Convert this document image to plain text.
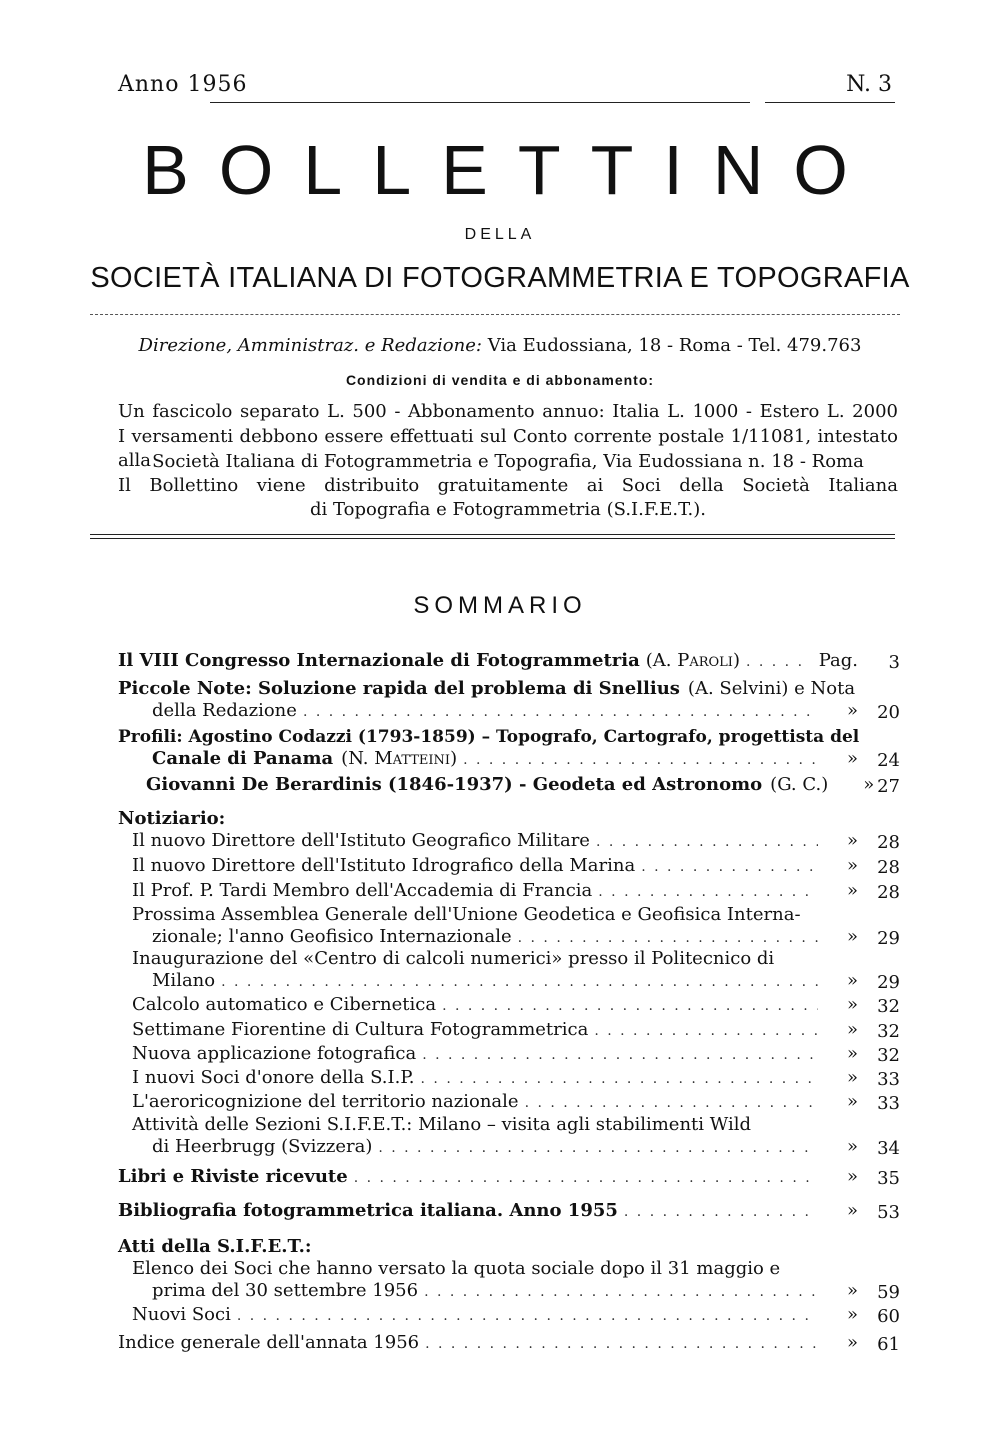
Anno 1956	N. 3
BOLLETTINO
DELLA
SOCIETÀ ITALIANA DI FOTOGRAMMETRIA E TOPOGRAFIA
Direzione, Amministraz. e Redazione: Via Eudossiana, 18 - Roma - Tel. 479.763
Condizioni di vendita e di abbonamento:
Un fascicolo separato L. 500 - Abbonamento annuo: Italia L. 1000 - Estero L. 2000
I versamenti debbono essere effettuati sul Conto corrente postale 1/11081, intestato alla Società Italiana di Fotogrammetria e Topografia, Via Eudossiana n. 18 - Roma
Il Bollettino viene distribuito gratuitamente ai Soci della Società Italiana
di Topografia e Fotogrammetria (S.I.F.E.T.).
SOMMARIO
Il VIII Congresso Internazionale di Fotogrammetria (A. Paroli) . . .	Pag.	3
Piccole Note: Soluzione rapida del problema di Snellius (A. Selvini) e Nota
della Redazione . . .	»	20
Profili: Agostino Codazzi (1793-1859) – Topografo, Cartografo, progettista del
Canale di Panama (N. Matteini) . . .	»	24
Giovanni De Berardinis (1846-1937) - Geodeta ed Astronomo (G. C.)	» 27
Notiziario:
Il nuovo Direttore dell'Istituto Geografico Militare . . .	»	28
Il nuovo Direttore dell'Istituto Idrografico della Marina . . .	»	28
Il Prof. P. Tardi Membro dell'Accademia di Francia . . .	»	28
Prossima Assemblea Generale dell'Unione Geodetica e Geofisica Interna-
zionale; l'anno Geofisico Internazionale . . .	»	29
Inaugurazione del «Centro di calcoli numerici» presso il Politecnico di
Milano . . .	»	29
Calcolo automatico e Cibernetica . . .	»	32
Settimane Fiorentine di Cultura Fotogrammetrica . . .	»	32
Nuova applicazione fotografica . . .	»	32
I nuovi Soci d'onore della S.I.P. . . .	»	33
L'aeroricognizione del territorio nazionale . . .	»	33
Attività delle Sezioni S.I.F.E.T.: Milano – visita agli stabilimenti Wild
di Heerbrugg (Svizzera) . . .	»	34
Libri e Riviste ricevute . . .	»	35
Bibliografia fotogrammetrica italiana. Anno 1955 . . .	»	53
Atti della S.I.F.E.T.:
Elenco dei Soci che hanno versato la quota sociale dopo il 31 maggio e
prima del 30 settembre 1956 . . .	»	59
Nuovi Soci . . .	»	60
Indice generale dell'annata 1956 . . .	»	61
